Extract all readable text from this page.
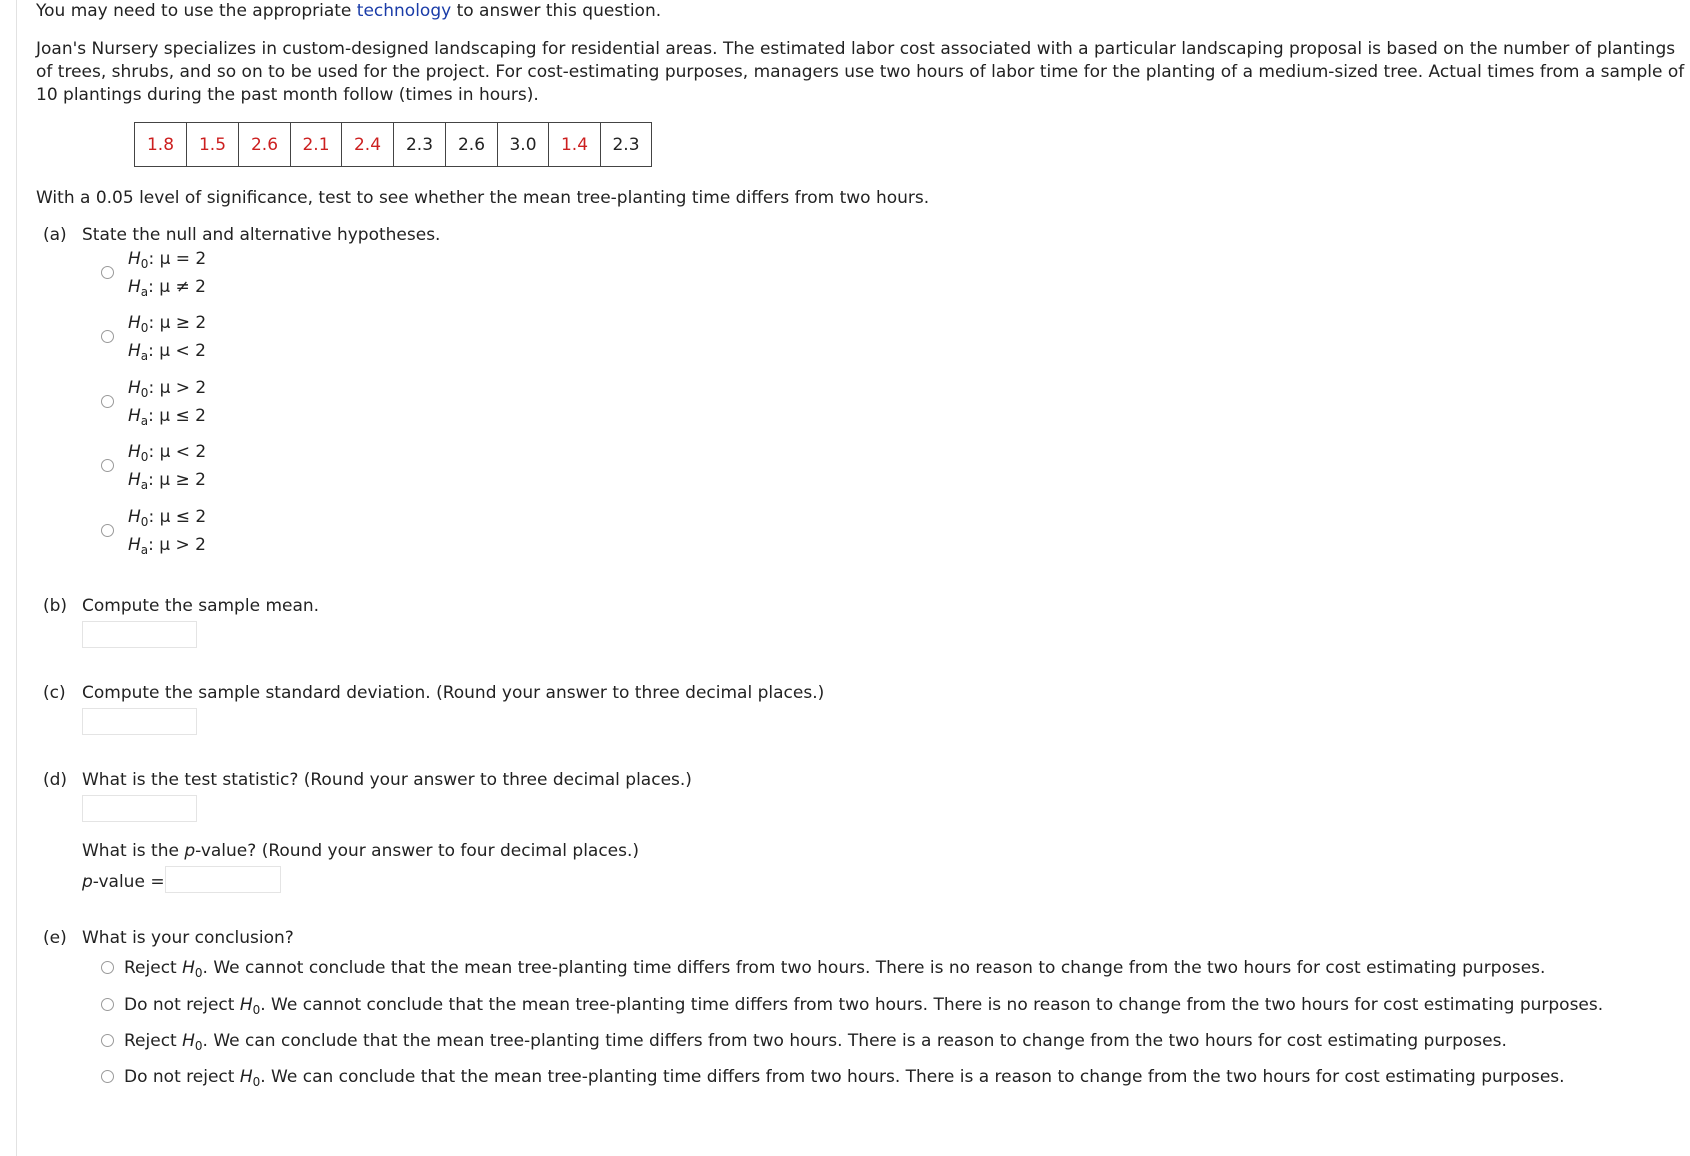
You may need to use the appropriate technology to answer this question.
Joan's Nursery specializes in custom-designed landscaping for residential areas. The estimated labor cost associated with a particular landscaping proposal is based on the number of plantings of trees, shrubs, and so on to be used for the project. For cost-estimating purposes, managers use two hours of labor time for the planting of a medium-sized tree. Actual times from a sample of 10 plantings during the past month follow (times in hours).
1.8	1.5	2.6	2.1	2.4	2.3	2.6	3.0	1.4	2.3
With a 0.05 level of significance, test to see whether the mean tree-planting time differs from two hours.
(a) State the null and alternative hypotheses.
$H_0$: μ = 2
$H_a$: μ ≠ 2
$H_0$: μ ≥ 2
$H_a$: μ < 2
$H_0$: μ > 2
$H_a$: μ ≤ 2
$H_0$: μ < 2
$H_a$: μ ≥ 2
$H_0$: μ ≤ 2
$H_a$: μ > 2
(b) Compute the sample mean.
(c) Compute the sample standard deviation. (Round your answer to three decimal places.)
(d) What is the test statistic? (Round your answer to three decimal places.)
What is the p-value? (Round your answer to four decimal places.)
p-value =
(e) What is your conclusion?
Reject $H_0$. We cannot conclude that the mean tree-planting time differs from two hours. There is no reason to change from the two hours for cost estimating purposes.
Do not reject $H_0$. We cannot conclude that the mean tree-planting time differs from two hours. There is no reason to change from the two hours for cost estimating purposes.
Reject $H_0$. We can conclude that the mean tree-planting time differs from two hours. There is a reason to change from the two hours for cost estimating purposes.
Do not reject $H_0$. We can conclude that the mean tree-planting time differs from two hours. There is a reason to change from the two hours for cost estimating purposes.
